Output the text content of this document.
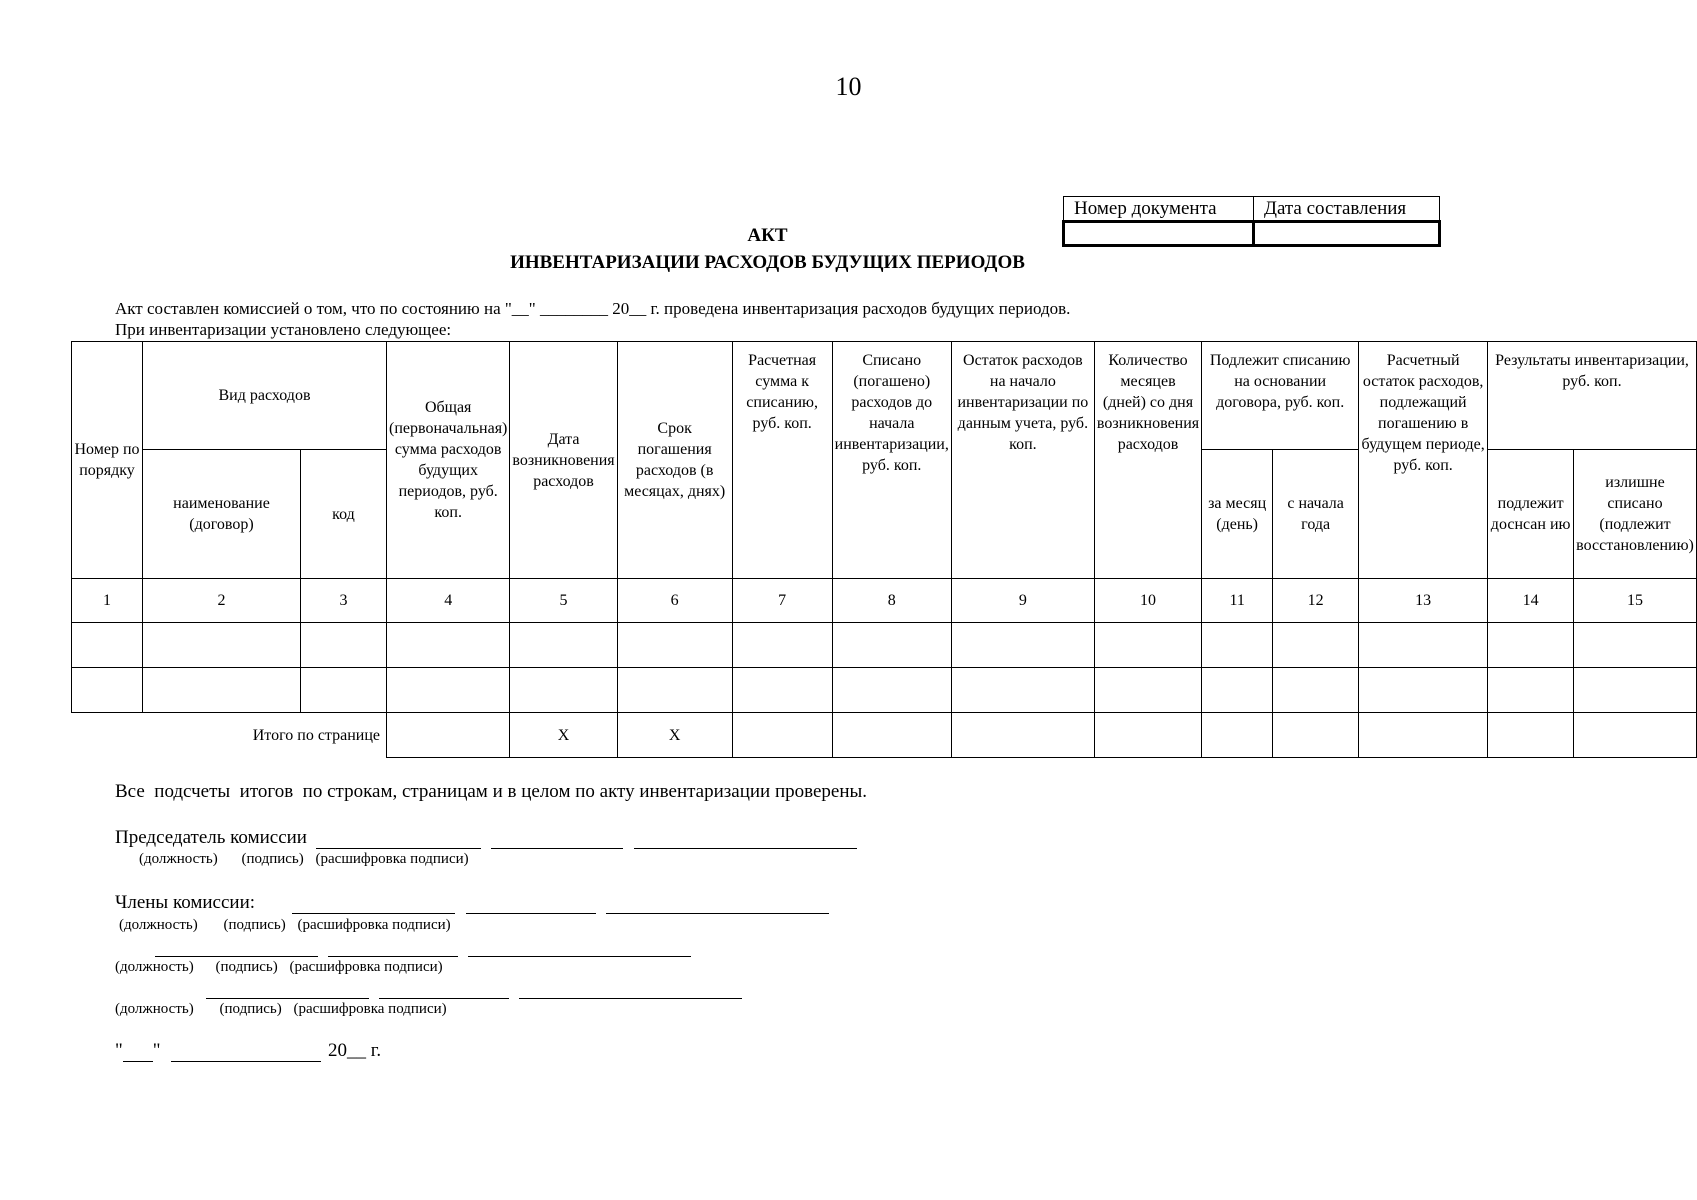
10
Номер документа	Дата составления

АКТ
ИНВЕНТАРИЗАЦИИ РАСХОДОВ БУДУЩИХ ПЕРИОДОВ
Акт составлен комиссией о том, что по состоянию на "__" ________ 20__ г. проведена инвентаризация расходов будущих периодов.
При инвентаризации установлено следующее:
Номер по порядку	Вид расходов		Общая (первоначальная) сумма расходов будущих периодов, руб. коп.	Дата возникновения расходов	Срок погашения расходов (в месяцах, днях)	Расчетная сумма к списанию, руб. коп.	Списано (погашено) расходов до начала инвентаризации, руб. коп.	Остаток расходов на начало инвентаризации по данным учета, руб. коп.	Количество месяцев (дней) со дня возникновения расходов	Подлежит списанию на основании договора, руб. коп.		Расчетный остаток расходов, подлежащий погашению в будущем периоде, руб. коп.	Результаты инвентаризации, руб. коп.	
	наименование (договор)	код								за месяц (день)	с начала года		подлежит доснсан ию	излишне списано (подлежит восстановлению)
1	2	3	4	5	6	7	8	9	10	11	12	13	14	15

Итого по странице				X	X									
Все  подсчеты  итогов  по строкам, страницам и в целом по акту инвентаризации проверены.
Председатель комиссии
(должность) (подпись) (расшифровка подписи)
Члены комиссии:
(должность) (подпись) (расшифровка подписи)

(должность) (подпись) (расшифровка подписи)

(должность) (подпись) (расшифровка подписи)
" "	20__ г.
